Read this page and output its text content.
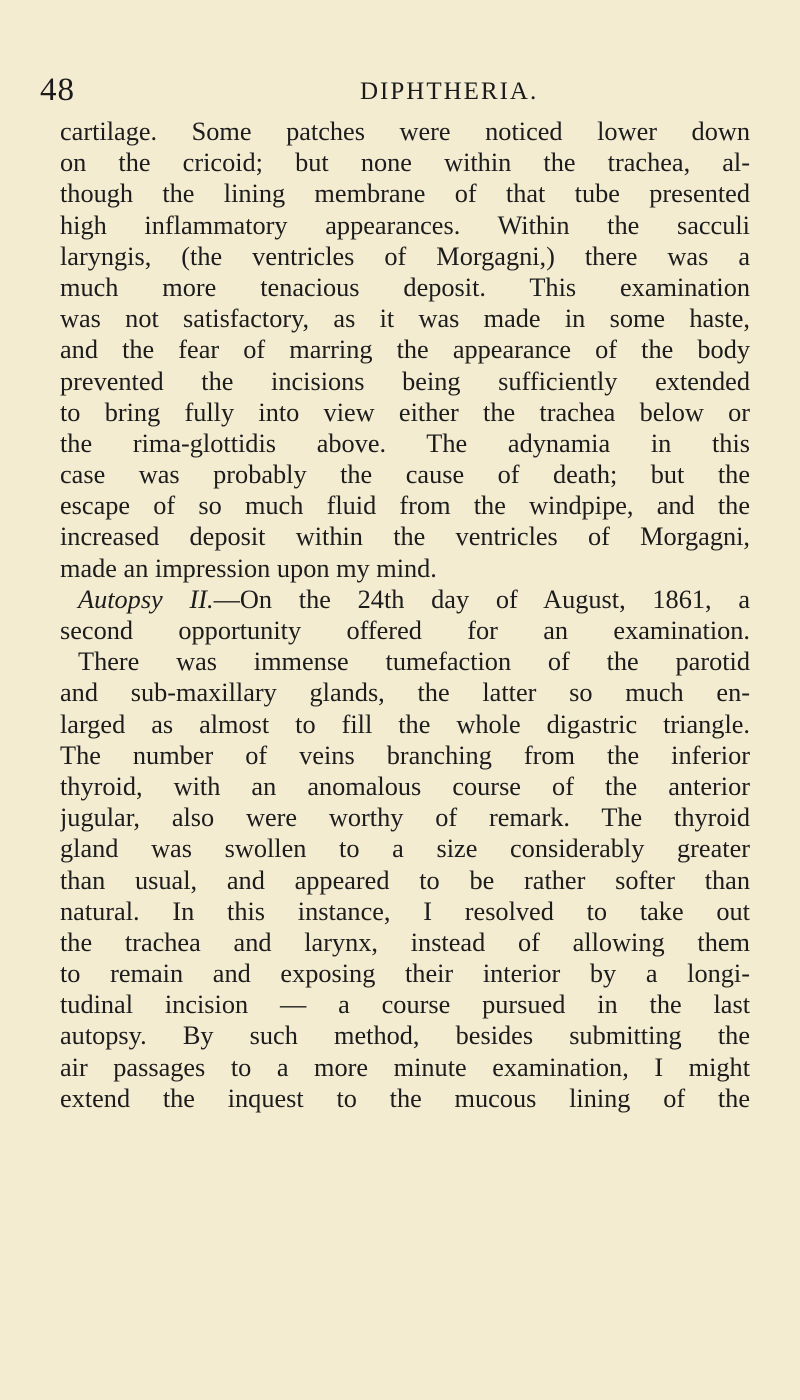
48	DIPHTHERIA.
cartilage. Some patches were noticed lower down
on the cricoid; but none within the trachea, al-
though the lining membrane of that tube presented
high inflammatory appearances. Within the sacculi
laryngis, (the ventricles of Morgagni,) there was a
much more tenacious deposit. This examination
was not satisfactory, as it was made in some haste,
and the fear of marring the appearance of the body
prevented the incisions being sufficiently extended
to bring fully into view either the trachea below or
the rima-glottidis above. The adynamia in this
case was probably the cause of death; but the
escape of so much fluid from the windpipe, and the
increased deposit within the ventricles of Morgagni,
made an impression upon my mind.
Autopsy II.—On the 24th day of August, 1861, a
second opportunity offered for an examination.
There was immense tumefaction of the parotid
and sub-maxillary glands, the latter so much en-
larged as almost to fill the whole digastric triangle.
The number of veins branching from the inferior
thyroid, with an anomalous course of the anterior
jugular, also were worthy of remark. The thyroid
gland was swollen to a size considerably greater
than usual, and appeared to be rather softer than
natural. In this instance, I resolved to take out
the trachea and larynx, instead of allowing them
to remain and exposing their interior by a longi-
tudinal incision — a course pursued in the last
autopsy. By such method, besides submitting the
air passages to a more minute examination, I might
extend the inquest to the mucous lining of the
